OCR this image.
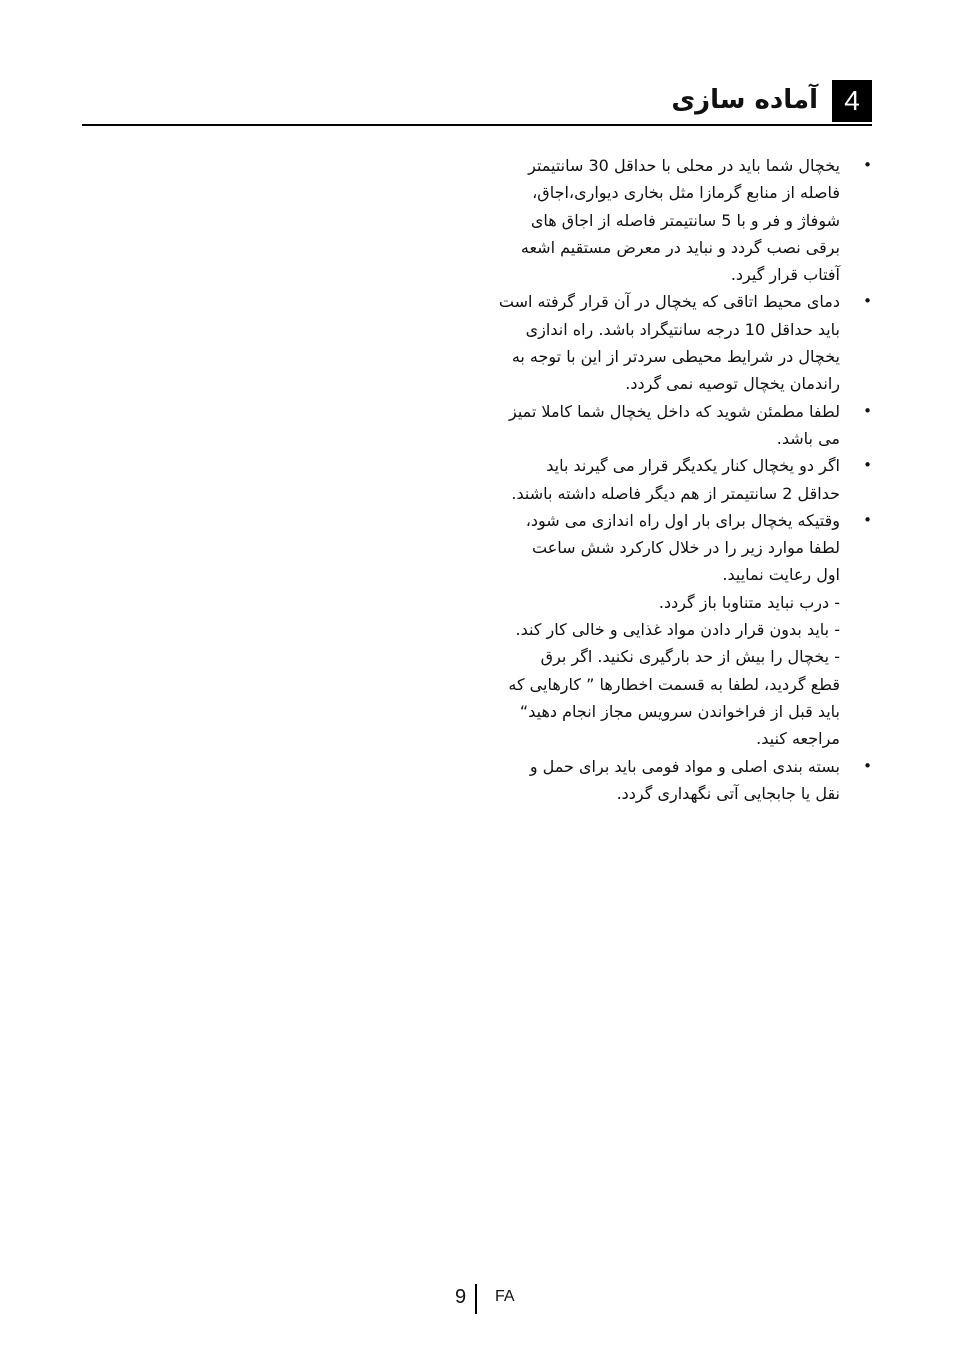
4
آماده سازی
•
یخچال شما باید در محلی با حداقل 30 سانتیمتر
فاصله از منابع گرمازا مثل بخاری دیواری،اجاق،
شوفاژ و فر و با 5 سانتیمتر فاصله از اجاق های
برقی نصب گردد و نباید در معرض مستقیم اشعه
آفتاب قرار گیرد.
•
دمای محیط اتاقی که یخچال در آن قرار گرفته است
باید حداقل 10 درجه سانتیگراد باشد. راه اندازی
یخچال در شرایط محیطی سردتر از این با توجه به
راندمان یخچال توصیه نمی گردد.
•
لطفا مطمئن شوید که داخل یخچال شما کاملا تمیز
می باشد.
•
اگر دو یخچال کنار یکدیگر قرار می گیرند باید
حداقل 2 سانتیمتر از هم دیگر فاصله داشته باشند.
•
وقتیکه یخچال برای بار اول راه اندازی می شود،
لطفا موارد زیر را در خلال کارکرد شش ساعت
اول رعایت نمایید.
- درب نباید متناوبا باز گردد.
- باید بدون قرار دادن مواد غذایی و خالی کار کند.
- یخچال را بیش از حد بارگیری نکنید. اگر برق
قطع گردید، لطفا به قسمت اخطارها ” کارهایی که
باید قبل از فراخواندن سرویس مجاز انجام دهید“
مراجعه کنید.
•
بسته بندی اصلی و مواد فومی باید برای حمل و
نقل یا جابجایی آتی نگهداری گردد.
9 FA
